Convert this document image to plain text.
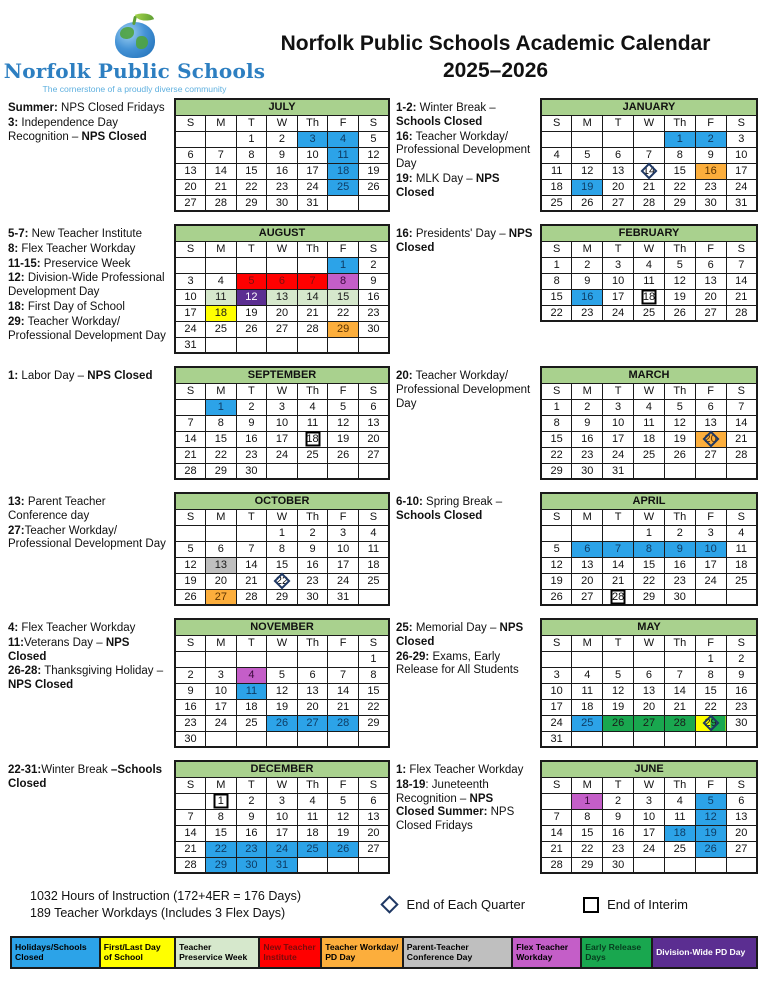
Norfolk Public Schools
The cornerstone of a proudly diverse community
Norfolk Public Schools Academic Calendar
2025–2026
Summer: NPS Closed Fridays
3: Independence Day Recognition – NPS Closed
JULY						
S	M	T	W	Th	F	S
		1	2	3	4	5
6	7	8	9	10	11	12
13	14	15	16	17	18	19
20	21	22	23	24	25	26
27	28	29	30	31		
1-2: Winter Break – Schools Closed
16: Teacher Workday/ Professional Development Day
19: MLK Day – NPS Closed
JANUARY						
S	M	T	W	Th	F	S
				1	2	3
4	5	6	7	8	9	10
11	12	13	14	15	16	17
18	19	20	21	22	23	24
25	26	27	28	29	30	31
5-7: New Teacher Institute
8: Flex Teacher Workday
11-15: Preservice Week
12: Division-Wide Professional Development Day
18: First Day of School
29: Teacher Workday/ Professional Development Day
AUGUST						
S	M	T	W	Th	F	S
					1	2
3	4	5	6	7	8	9
10	11	12	13	14	15	16
17	18	19	20	21	22	23
24	25	26	27	28	29	30
31						
16: Presidents' Day – NPS Closed
FEBRUARY						
S	M	T	W	Th	F	S
1	2	3	4	5	6	7
8	9	10	11	12	13	14
15	16	17	18	19	20	21
22	23	24	25	26	27	28
1: Labor Day – NPS Closed	SEPTEMBER						
S	M	T	W	Th	F	S
	1	2	3	4	5	6
7	8	9	10	11	12	13
14	15	16	17	18	19	20
21	22	23	24	25	26	27
28	29	30				
20: Teacher Workday/ Professional Development Day
MARCH						
S	M	T	W	Th	F	S
1	2	3	4	5	6	7
8	9	10	11	12	13	14
15	16	17	18	19	20	21
22	23	24	25	26	27	28
29	30	31				
13: Parent Teacher Conference day
27:Teacher Workday/ Professional Development Day
OCTOBER						
S	M	T	W	Th	F	S
			1	2	3	4
5	6	7	8	9	10	11
12	13	14	15	16	17	18
19	20	21	22	23	24	25
26	27	28	29	30	31	
6-10: Spring Break – Schools Closed
APRIL						
S	M	T	W	Th	F	S
			1	2	3	4
5	6	7	8	9	10	11
12	13	14	15	16	17	18
19	20	21	22	23	24	25
26	27	28	29	30		
4: Flex Teacher Workday
11:Veterans Day – NPS Closed
26-28: Thanksgiving Holiday – NPS Closed
NOVEMBER						
S	M	T	W	Th	F	S
						1
2	3	4	5	6	7	8
9	10	11	12	13	14	15
16	17	18	19	20	21	22
23	24	25	26	27	28	29
30						
25: Memorial Day – NPS Closed
26-29: Exams, Early Release for All Students
MAY						
S	M	T	W	Th	F	S
					1	2
3	4	5	6	7	8	9
10	11	12	13	14	15	16
17	18	19	20	21	22	23
24	25	26	27	28	29	30
31						
22-31:Winter Break –Schools Closed
DECEMBER						
S	M	T	W	Th	F	S
	1	2	3	4	5	6
7	8	9	10	11	12	13
14	15	16	17	18	19	20
21	22	23	24	25	26	27
28	29	30	31			
1: Flex Teacher Workday
18-19: Juneteenth Recognition – NPS Closed Summer: NPS Closed Fridays
JUNE						
S	M	T	W	Th	F	S
	1	2	3	4	5	6
7	8	9	10	11	12	13
14	15	16	17	18	19	20
21	22	23	24	25	26	27
28	29	30				
1032 Hours of Instruction (172+4ER = 176 Days)
189 Teacher Workdays (Includes 3 Flex Days)
End of Each Quarter	End of Interim
Holidays/Schools Closed
First/Last Day of School
Teacher Preservice Week
New Teacher Institute
Teacher Workday/ PD Day
Parent-Teacher Conference Day
Flex Teacher Workday
Early Release Days
Division-Wide PD Day
